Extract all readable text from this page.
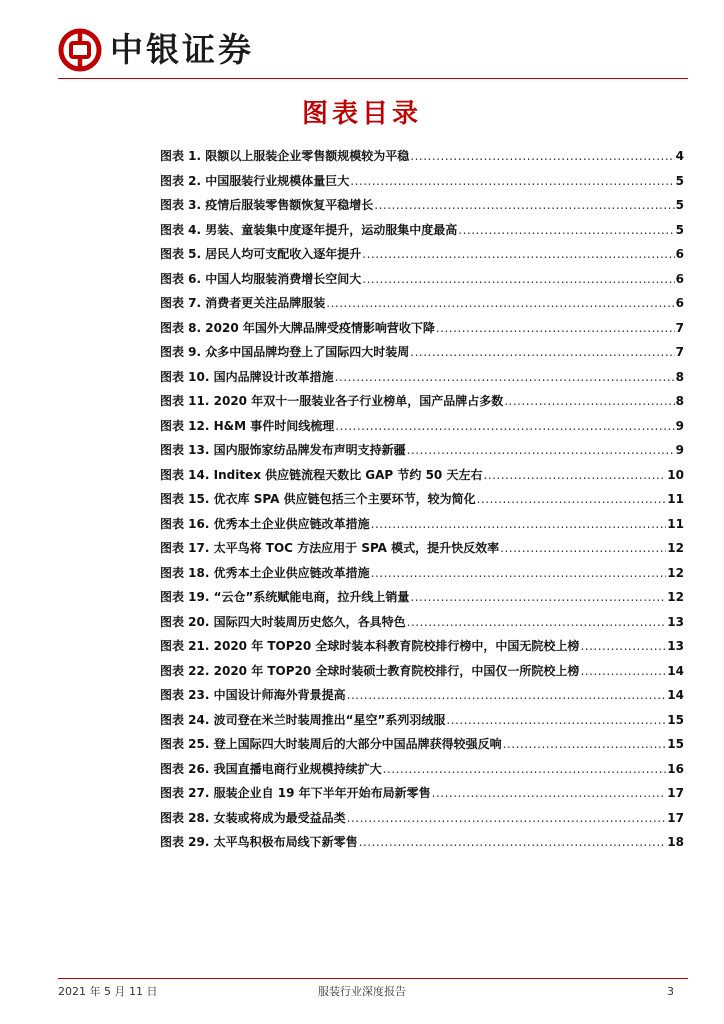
中银证券
图表目录
图表 1. 限额以上服装企业零售额规模较为平稳 .....	4
图表 2. 中国服装行业规模体量巨大 .....	5
图表 3. 疫情后服装零售额恢复平稳增长 .....	5
图表 4. 男装、童装集中度逐年提升，运动服集中度最高 .....	5
图表 5. 居民人均可支配收入逐年提升 .....	6
图表 6. 中国人均服装消费增长空间大 .....	6
图表 7. 消费者更关注品牌服装 .....	6
图表 8. 2020 年国外大牌品牌受疫情影响营收下降 .....	7
图表 9. 众多中国品牌均登上了国际四大时装周 .....	7
图表 10. 国内品牌设计改革措施 .....	8
图表 11. 2020 年双十一服装业各子行业榜单，国产品牌占多数 .....	8
图表 12. H&M 事件时间线梳理 .....	9
图表 13. 国内服饰家纺品牌发布声明支持新疆 .....	9
图表 14. Inditex 供应链流程天数比 GAP 节约 50 天左右 .....	10
图表 15. 优衣库 SPA 供应链包括三个主要环节，较为简化 .....	11
图表 16. 优秀本土企业供应链改革措施 .....	11
图表 17. 太平鸟将 TOC 方法应用于 SPA 模式，提升快反效率 .....	12
图表 18. 优秀本土企业供应链改革措施 .....	12
图表 19. “云仓”系统赋能电商，拉升线上销量 .....	12
图表 20. 国际四大时装周历史悠久，各具特色 .....	13
图表 21. 2020 年 TOP20 全球时装本科教育院校排行榜中，中国无院校上榜 .....	13
图表 22. 2020 年 TOP20 全球时装硕士教育院校排行，中国仅一所院校上榜 .....	14
图表 23. 中国设计师海外背景提高 .....	14
图表 24. 波司登在米兰时装周推出“星空”系列羽绒服 .....	15
图表 25. 登上国际四大时装周后的大部分中国品牌获得较强反响 .....	15
图表 26. 我国直播电商行业规模持续扩大 .....	16
图表 27. 服装企业自 19 年下半年开始布局新零售 .....	17
图表 28. 女装或将成为最受益品类 .....	17
图表 29. 太平鸟积极布局线下新零售 .....	18
2021 年 5 月 11 日	服装行业深度报告	3
